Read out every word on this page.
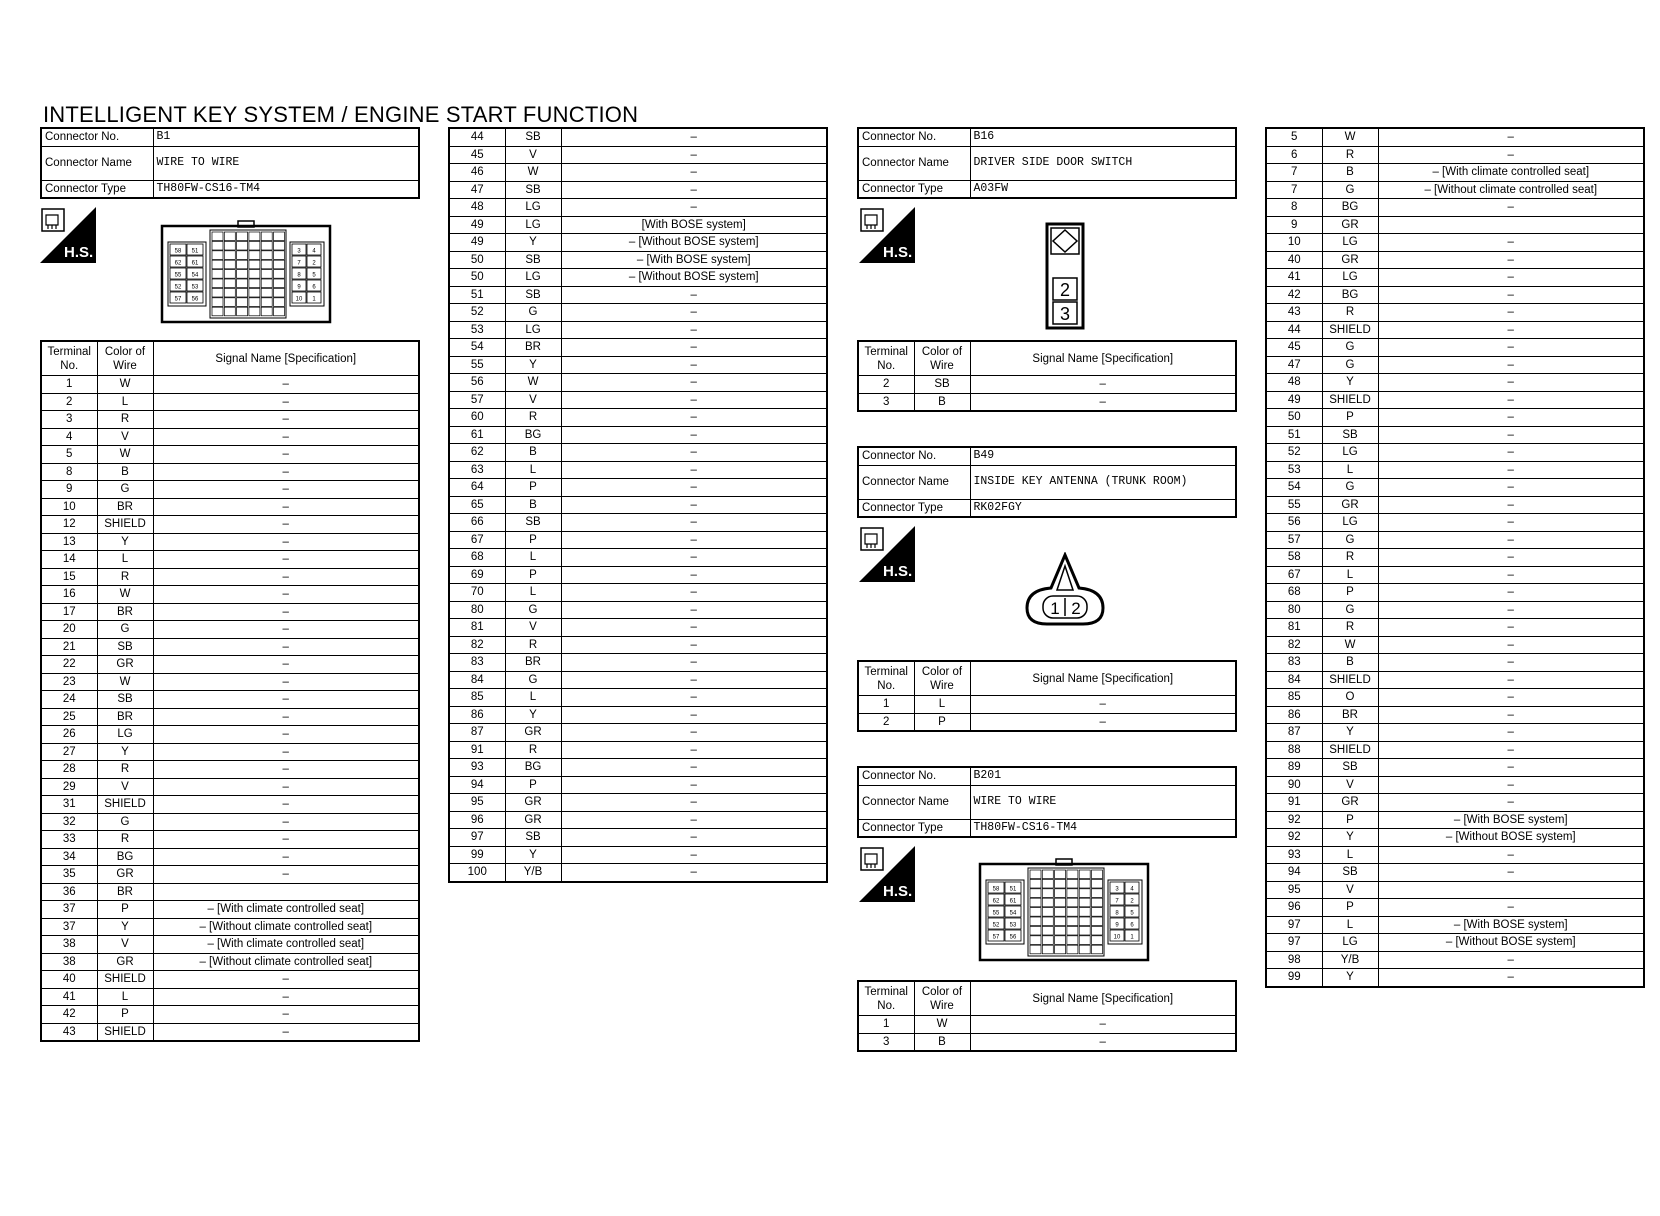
INTELLIGENT KEY SYSTEM / ENGINE START FUNCTION
Connector No.	B1
Connector Name	WIRE TO WIRE
Connector Type	TH80FW-CS16-TM4
H.S.	58 51
62 61
55 54
52 53
57 56
3 4
7 2
8 5
9 6
10 1
Terminal No.	Color of Wire	Signal Name [Specification]
1	W	–
2	L	–
3	R	–
4	V	–
5	W	–
8	B	–
9	G	–
10	BR	–
12	SHIELD	–
13	Y	–
14	L	–
15	R	–
16	W	–
17	BR	–
20	G	–
21	SB	–
22	GR	–
23	W	–
24	SB	–
25	BR	–
26	LG	–
27	Y	–
28	R	–
29	V	–
31	SHIELD	–
32	G	–
33	R	–
34	BG	–
35	GR	–
36	BR	
37	P	– [With climate controlled seat]
37	Y	– [Without climate controlled seat]
38	V	– [With climate controlled seat]
38	GR	– [Without climate controlled seat]
40	SHIELD	–
41	L	–
42	P	–
43	SHIELD	–
44	SB	–
45	V	–
46	W	–
47	SB	–
48	LG	–
49	LG	[With BOSE system]
49	Y	– [Without BOSE system]
50	SB	– [With BOSE system]
50	LG	– [Without BOSE system]
51	SB	–
52	G	–
53	LG	–
54	BR	–
55	Y	–
56	W	–
57	V	–
60	R	–
61	BG	–
62	B	–
63	L	–
64	P	–
65	B	–
66	SB	–
67	P	–
68	L	–
69	P	–
70	L	–
80	G	–
81	V	–
82	R	–
83	BR	–
84	G	–
85	L	–
86	Y	–
87	GR	–
91	R	–
93	BG	–
94	P	–
95	GR	–
96	GR	–
97	SB	–
99	Y	–
100	Y/B	–
Connector No.	B16
Connector Name	DRIVER SIDE DOOR SWITCH
Connector Type	A03FW
H.S.
2
3
Terminal No.	Color of Wire	Signal Name [Specification]
2	SB	–
3	B	–
Connector No.	B49
Connector Name	INSIDE KEY ANTENNA (TRUNK ROOM)
Connector Type	RK02FGY
H.S.
1 2
Terminal No.	Color of Wire	Signal Name [Specification]
1	L	–
2	P	–
Connector No.	B201
Connector Name	WIRE TO WIRE
Connector Type	TH80FW-CS16-TM4
H.S.	58 51
62 61
55 54
52 53
57 56
3 4
7 2
8 5
9 6
10 1
Terminal No.	Color of Wire	Signal Name [Specification]
1	W	–
3	B	–
5	W	–
6	R	–
7	B	– [With climate controlled seat]
7	G	– [Without climate controlled seat]
8	BG	–
9	GR	
10	LG	–
40	GR	–
41	LG	–
42	BG	–
43	R	–
44	SHIELD	–
45	G	–
47	G	–
48	Y	–
49	SHIELD	–
50	P	–
51	SB	–
52	LG	–
53	L	–
54	G	–
55	GR	–
56	LG	–
57	G	–
58	R	–
67	L	–
68	P	–
80	G	–
81	R	–
82	W	–
83	B	–
84	SHIELD	–
85	O	–
86	BR	–
87	Y	–
88	SHIELD	–
89	SB	–
90	V	–
91	GR	–
92	P	– [With BOSE system]
92	Y	– [Without BOSE system]
93	L	–
94	SB	–
95	V	
96	P	–
97	L	– [With BOSE system]
97	LG	– [Without BOSE system]
98	Y/B	–
99	Y	–
